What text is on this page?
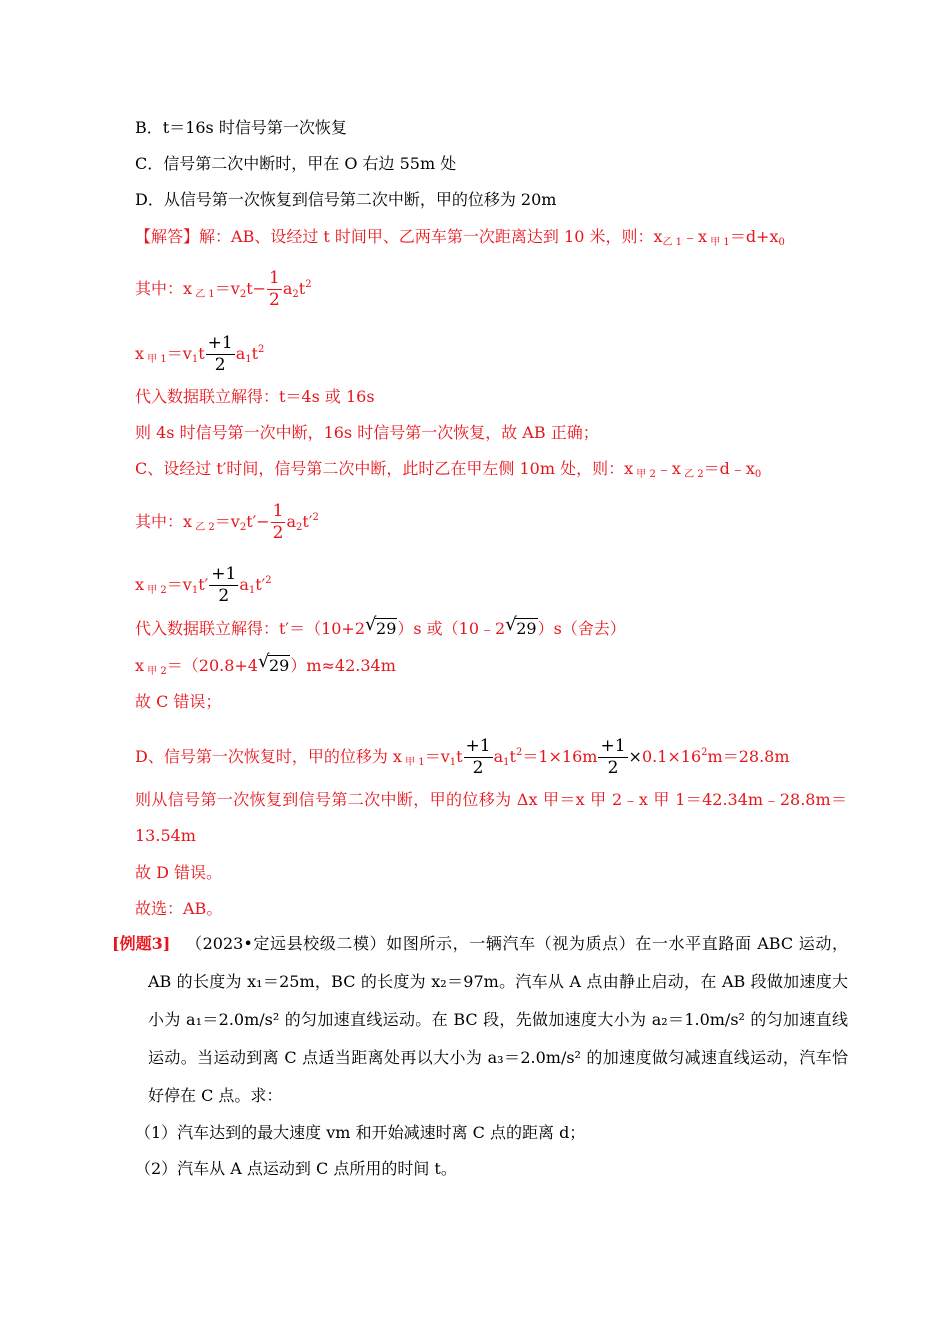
B．t＝16s 时信号第一次恢复
C．信号第二次中断时，甲在 O 右边 55m 处
D．从信号第一次恢复到信号第二次中断，甲的位移为 20m
【解答】解：AB、设经过 t 时间甲、乙两车第一次距离达到 10 米，则：$x_{乙 1}﹣x$ $_{甲 1}=d+x_0$
其中：x $_{乙 1}=v_2t- \frac{1}{2} a_2t^2$
x $_{甲 1}=v_1t \frac{+1}{2} a_1t^2$
代入数据联立解得：t＝4s 或 16s
则 4s 时信号第一次中断，16s 时信号第一次恢复，故 AB 正确；
C、设经过 t′时间，信号第二次中断，此时乙在甲左侧 10m 处，则：x $_{甲 2}$﹣x $_{乙 2}=d﹣x_0$
其中：x $_{乙 2}=v_2t'- \frac{1}{2} a_2t'^2$
x $_{甲 2}=v_1t' \frac{+1}{2} a_1t'^2$
代入数据联立解得：t′＝（10+2 √ 29）s 或（10﹣2 √ 29）s（舍去）
x $_{甲 2}$＝（20.8+4 √ 29）m≈42.34m
故 C 错误；
D、信号第一次恢复时，甲的位移为 x $_{甲 1}=v_1t \frac{+1}{2} a_1t^2=1\times 16m \frac{+1}{2} \times 0.1\times 16^2m=28.8m$
则从信号第一次恢复到信号第二次中断，甲的位移为 Δx 甲＝x 甲 2﹣x 甲 1＝42.34m﹣28.8m＝13.54m
故 D 错误。
故选：AB。
[例题3] （2023•定远县校级二模）如图所示，一辆汽车（视为质点）在一水平直路面 ABC 运动，AB 的长度为 x₁＝25m，BC 的长度为 x₂＝97m。汽车从 A 点由静止启动，在 AB 段做加速度大小为 a₁＝2.0m/s² 的匀加速直线运动。在 BC 段，先做加速度大小为 a₂＝1.0m/s² 的匀加速直线运动。当运动到离 C 点适当距离处再以大小为 a₃＝2.0m/s² 的加速度做匀减速直线运动，汽车恰好停在 C 点。求：
（1）汽车达到的最大速度 vm 和开始减速时离 C 点的距离 d；
（2）汽车从 A 点运动到 C 点所用的时间 t。
